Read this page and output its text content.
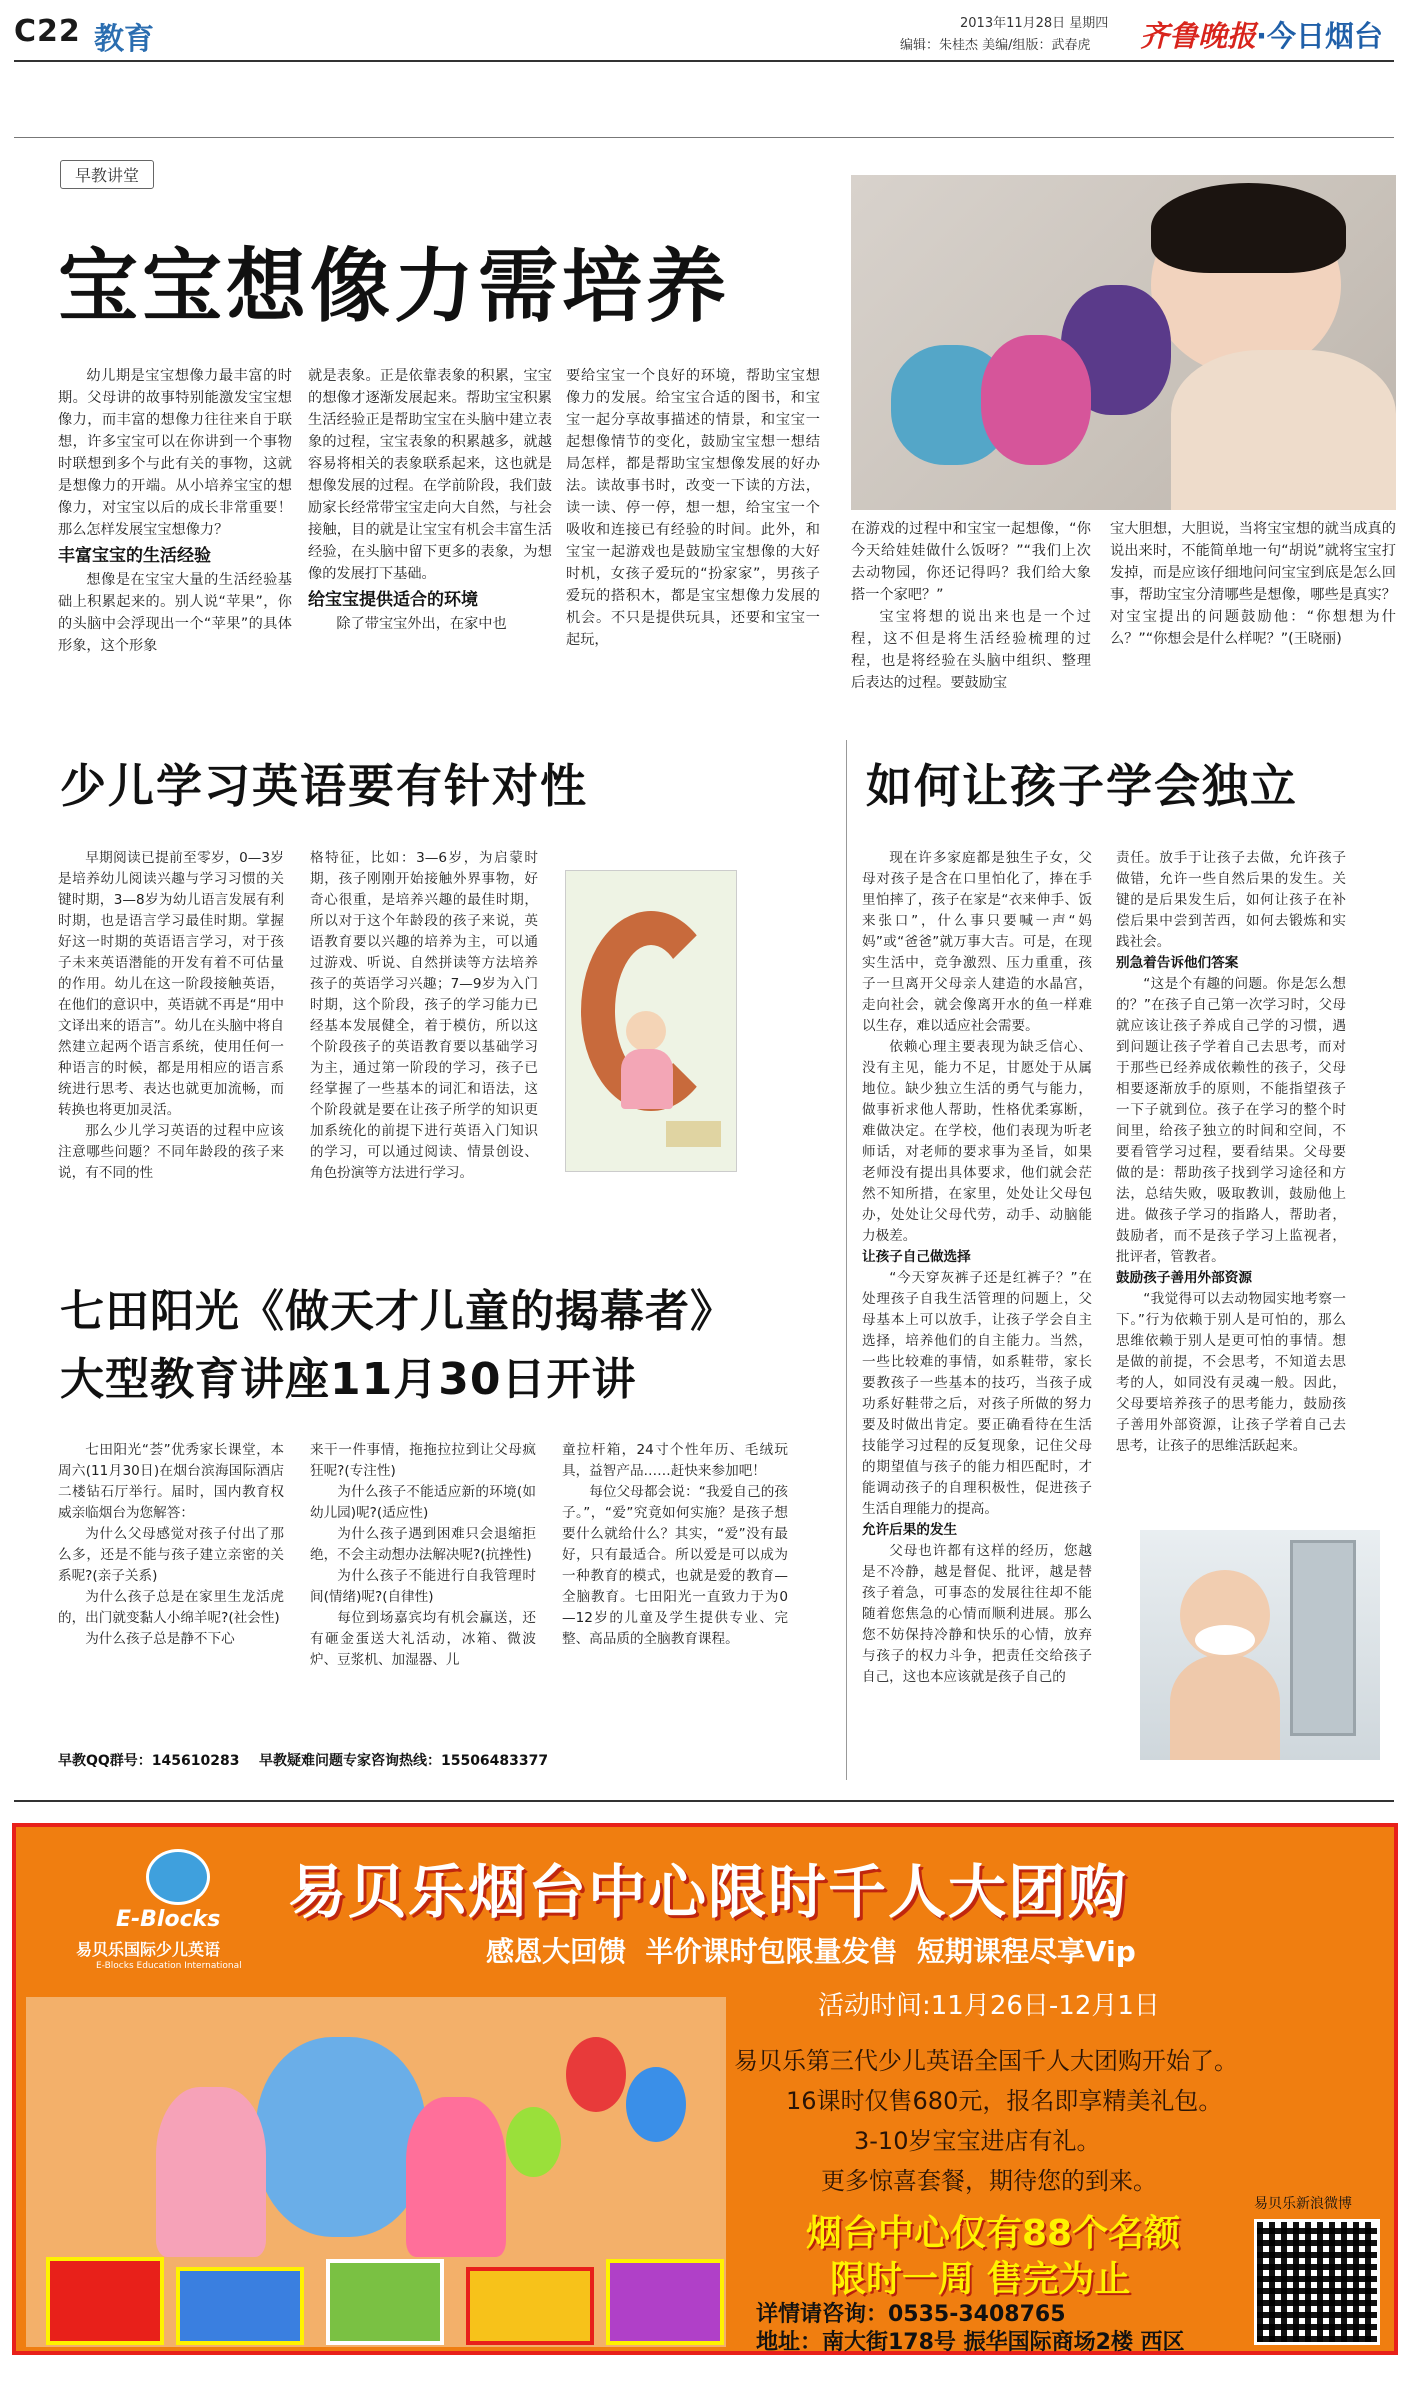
C22 教育	2013年11月28日 星期四
编辑：朱桂杰 美编/组版：武春虎 齐鲁晚报·今日烟台
早教讲堂
宝宝想像力需培养

幼儿期是宝宝想像力最丰富的时期。父母讲的故事特别能激发宝宝想像力，而丰富的想像力往往来自于联想，许多宝宝可以在你讲到一个事物时联想到多个与此有关的事物，这就是想像力的开端。从小培养宝宝的想像力，对宝宝以后的成长非常重要！那么怎样发展宝宝想像力？

丰富宝宝的生活经验

想像是在宝宝大量的生活经验基础上积累起来的。别人说“苹果”，你的头脑中会浮现出一个“苹果”的具体形象，这个形象

就是表象。正是依靠表象的积累，宝宝的想像才逐渐发展起来。帮助宝宝积累生活经验正是帮助宝宝在头脑中建立表象的过程，宝宝表象的积累越多，就越容易将相关的表象联系起来，这也就是想像发展的过程。在学前阶段，我们鼓励家长经常带宝宝走向大自然，与社会接触，目的就是让宝宝有机会丰富生活经验，在头脑中留下更多的表象，为想像的发展打下基础。

给宝宝提供适合的环境

除了带宝宝外出，在家中也

要给宝宝一个良好的环境，帮助宝宝想像力的发展。给宝宝合适的图书，和宝宝一起分享故事描述的情景，和宝宝一起想像情节的变化，鼓励宝宝想一想结局怎样，都是帮助宝宝想像发展的好办法。读故事书时，改变一下读的方法，读一读、停一停，想一想，给宝宝一个吸收和连接已有经验的时间。此外，和宝宝一起游戏也是鼓励宝宝想像的大好时机，女孩子爱玩的“扮家家”，男孩子爱玩的搭积木，都是宝宝想像力发展的机会。不只是提供玩具，还要和宝宝一起玩，

在游戏的过程中和宝宝一起想像，“你今天给娃娃做什么饭呀？”“我们上次去动物园，你还记得吗？我们给大象搭一个家吧？”

宝宝将想的说出来也是一个过程，这不但是将生活经验梳理的过程，也是将经验在头脑中组织、整理后表达的过程。要鼓励宝

宝大胆想，大胆说，当将宝宝想的就当成真的说出来时，不能简单地一句“胡说”就将宝宝打发掉，而是应该仔细地问问宝宝到底是怎么回事，帮助宝宝分清哪些是想像，哪些是真实？对宝宝提出的问题鼓励他：“你想想为什么？”“你想会是什么样呢？”(王晓丽)

少儿学习英语要有针对性

早期阅读已提前至零岁，0—3岁是培养幼儿阅读兴趣与学习习惯的关键时期，3—8岁为幼儿语言发展有利时期，也是语言学习最佳时期。掌握好这一时期的英语语言学习，对于孩子未来英语潜能的开发有着不可估量的作用。幼儿在这一阶段接触英语，在他们的意识中，英语就不再是“用中文译出来的语言”。幼儿在头脑中将自然建立起两个语言系统，使用任何一种语言的时候，都是用相应的语言系统进行思考、表达也就更加流畅，而转换也将更加灵活。

那么少儿学习英语的过程中应该注意哪些问题？不同年龄段的孩子来说，有不同的性

格特征，比如：3—6岁，为启蒙时期，孩子刚刚开始接触外界事物，好奇心很重，是培养兴趣的最佳时期，所以对于这个年龄段的孩子来说，英语教育要以兴趣的培养为主，可以通过游戏、听说、自然拼读等方法培养孩子的英语学习兴趣；7—9岁为入门时期，这个阶段，孩子的学习能力已经基本发展健全，着于模仿，所以这个阶段孩子的英语教育要以基础学习为主，通过第一阶段的学习，孩子已经掌握了一些基本的词汇和语法，这个阶段就是要在让孩子所学的知识更加系统化的前提下进行英语入门知识的学习，可以通过阅读、情景创设、角色扮演等方法进行学习。

如何让孩子学会独立

现在许多家庭都是独生子女，父母对孩子是含在口里怕化了，捧在手里怕摔了，孩子在家是“衣来伸手、饭来张口”，什么事只要喊一声“妈妈”或“爸爸”就万事大吉。可是，在现实生活中，竞争激烈、压力重重，孩子一旦离开父母亲人建造的水晶宫，走向社会，就会像离开水的鱼一样难以生存，难以适应社会需要。

依赖心理主要表现为缺乏信心、没有主见，能力不足，甘愿处于从属地位。缺少独立生活的勇气与能力，做事祈求他人帮助，性格优柔寡断，难做决定。在学校，他们表现为听老师话，对老师的要求事为圣旨，如果老师没有提出具体要求，他们就会茫然不知所措，在家里，处处让父母包办，处处让父母代劳，动手、动脑能力极差。

让孩子自己做选择

“今天穿灰裤子还是红裤子？”在处理孩子自我生活管理的问题上，父母基本上可以放手，让孩子学会自主选择，培养他们的自主能力。当然，一些比较难的事情，如系鞋带，家长要教孩子一些基本的技巧，当孩子成功系好鞋带之后，对孩子所做的努力要及时做出肯定。要正确看待在生活技能学习过程的反复现象，记住父母的期望值与孩子的能力相匹配时，才能调动孩子的自理积极性，促进孩子生活自理能力的提高。

允许后果的发生

父母也许都有这样的经历，您越是不冷静，越是督促、批评，越是替孩子着急，可事态的发展往往却不能随着您焦急的心情而顺利进展。那么您不妨保持冷静和快乐的心情，放弃与孩子的权力斗争，把责任交给孩子自己，这也本应该就是孩子自己的

责任。放手于让孩子去做，允许孩子做错，允许一些自然后果的发生。关键的是后果发生后，如何让孩子在补偿后果中尝到苦西，如何去锻炼和实践社会。

别急着告诉他们答案

“这是个有趣的问题。你是怎么想的？”在孩子自己第一次学习时，父母就应该让孩子养成自己学的习惯，遇到问题让孩子学着自己去思考，而对于那些已经养成依赖性的孩子，父母相要逐渐放手的原则，不能指望孩子一下子就到位。孩子在学习的整个时间里，给孩子独立的时间和空间，不要看管学习过程，要看结果。父母要做的是：帮助孩子找到学习途径和方法，总结失败，吸取教训，鼓励他上进。做孩子学习的指路人，帮助者，鼓励者，而不是孩子学习上监视者，批评者，管教者。

鼓励孩子善用外部资源

“我觉得可以去动物园实地考察一下。”行为依赖于别人是可怕的，那么思维依赖于别人是更可怕的事情。想是做的前提，不会思考，不知道去思考的人，如同没有灵魂一般。因此，父母要培养孩子的思考能力，鼓励孩子善用外部资源，让孩子学着自己去思考，让孩子的思维活跃起来。

七田阳光《做天才儿童的揭幕者》
大型教育讲座11月30日开讲

七田阳光“荟”优秀家长课堂，本周六(11月30日)在烟台滨海国际酒店二楼钻石厅举行。届时，国内教育权威亲临烟台为您解答：

为什么父母感觉对孩子付出了那么多，还是不能与孩子建立亲密的关系呢?(亲子关系)

为什么孩子总是在家里生龙活虎的，出门就变黏人小绵羊呢?(社会性)

为什么孩子总是静不下心

来干一件事情，拖拖拉拉到让父母疯狂呢?(专注性)

为什么孩子不能适应新的环境(如幼儿园)呢?(适应性)

为什么孩子遇到困难只会退缩拒绝，不会主动想办法解决呢?(抗挫性)

为什么孩子不能进行自我管理时间(情绪)呢?(自律性)

每位到场嘉宾均有机会赢送，还有砸金蛋送大礼活动，冰箱、微波炉、豆浆机、加湿器、儿

童拉杆箱，24寸个性年历、毛绒玩具，益智产品……赶快来参加吧！

每位父母都会说：“我爱自己的孩子。”，“爱”究竟如何实施？是孩子想要什么就给什么？其实，“爱”没有最好，只有最适合。所以爱是可以成为一种教育的模式，也就是爱的教育—全脑教育。七田阳光一直致力于为0—12岁的儿童及学生提供专业、完整、高品质的全脑教育课程。

早教QQ群号：145610283    早教疑难问题专家咨询热线：15506483377
E-Blocks
易贝乐国际少儿英语
E-Blocks Education International
易贝乐烟台中心限时千人大团购
感恩大回馈  半价课时包限量发售  短期课程尽享Vip
活动时间:11月26日-12月1日
易贝乐第三代少儿英语全国千人大团购开始了。
16课时仅售680元，报名即享精美礼包。
3-10岁宝宝进店有礼。
更多惊喜套餐，期待您的到来。
烟台中心仅有88个名额
限时一周 售完为止
详情请咨询：0535-3408765
地址：南大街178号 振华国际商场2楼 西区
易贝乐新浪微博
